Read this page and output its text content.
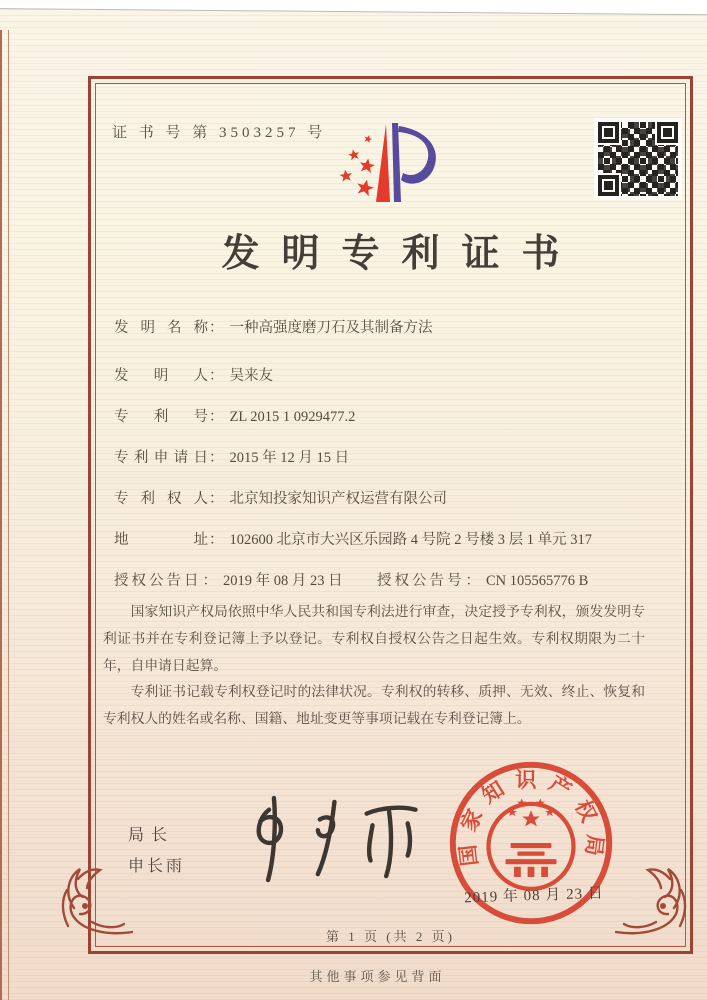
证 书 号 第 3503257 号
发明专利证书
发明名称： 一种高强度磨刀石及其制备方法
发明人： 吴来友
专利号： ZL 2015 1 0929477.2
专利申请日： 2015 年 12 月 15 日
专利权人： 北京知投家知识产权运营有限公司
地址： 102600 北京市大兴区乐园路 4 号院 2 号楼 3 层 1 单元 317
授权公告日： 2019 年 08 月 23 日 授权公告号： CN 105565776 B

国家知识产权局依照中华人民共和国专利法进行审查，决定授予专利权，颁发发明专利证书并在专利登记簿上予以登记。专利权自授权公告之日起生效。专利权期限为二十年，自申请日起算。

专利证书记载专利权登记时的法律状况。专利权的转移、质押、无效、终止、恢复和专利权人的姓名或名称、国籍、地址变更等事项记载在专利登记簿上。

局长
申长雨	国家知识产权局
2019 年 08 月 23 日
第 1 页 (共 2 页)
其他事项参见背面
